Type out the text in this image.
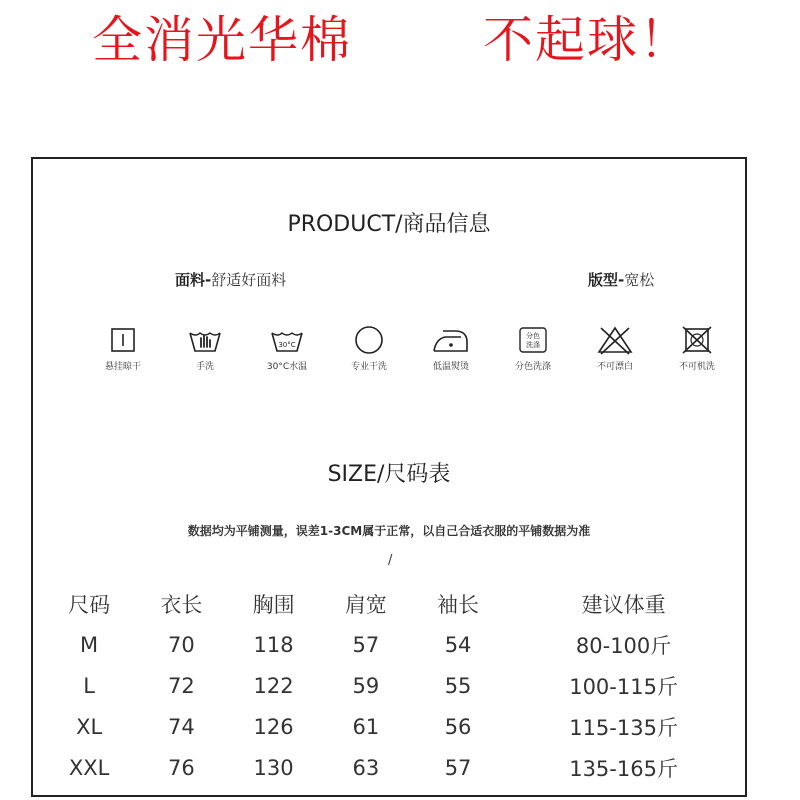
全消光华棉	不起球！
PRODUCT/商品信息
面料-舒适好面料	版型-宽松
悬挂晾干	手洗
30°C
30°C水温	专业干洗	低温熨烫
分色
洗涤
分色洗涤	不可漂白	不可机洗
SIZE/尺码表
数据均为平铺测量，误差1-3CM属于正常，以自己合适衣服的平铺数据为准
/
尺码	衣长	胸围	肩宽	袖长	建议体重
M	70	118	57	54	80-100斤
L	72	122	59	55	100-115斤
XL	74	126	61	56	115-135斤
XXL	76	130	63	57	135-165斤
